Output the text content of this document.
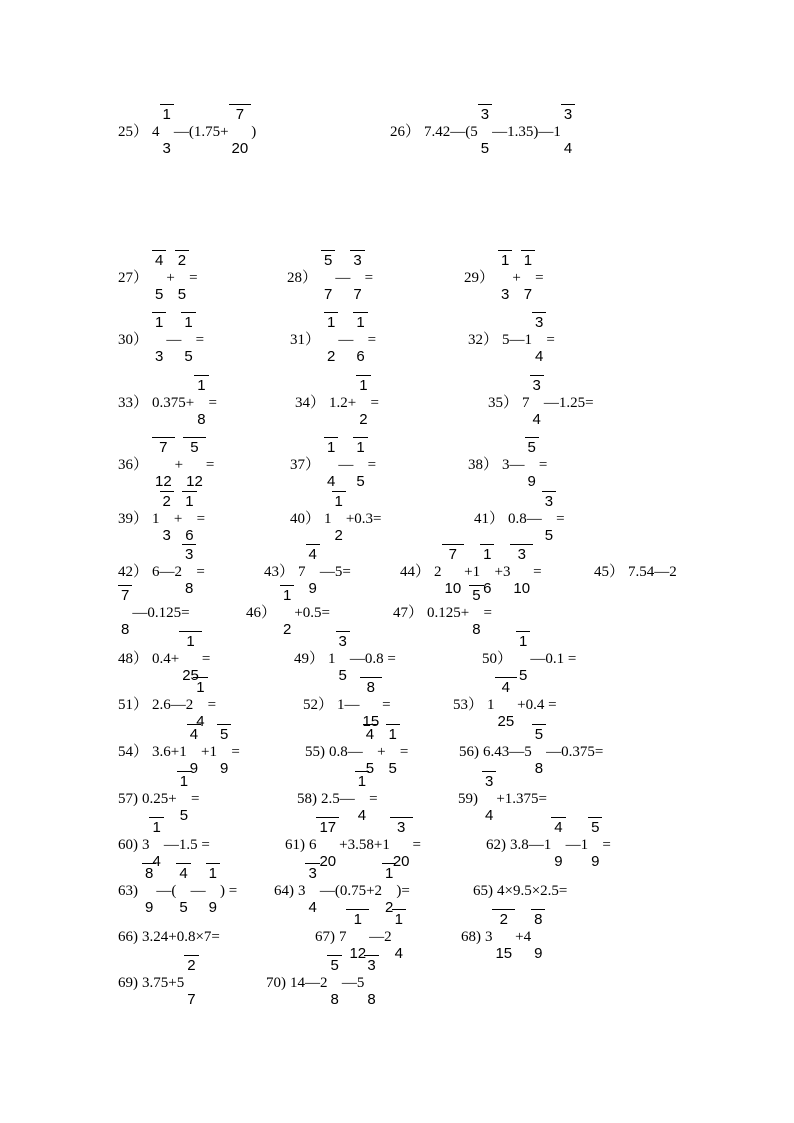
25） 4
1
3
—(1.75+
7
20
)	26） 7.42—(5
3
5
—1.35)—1
3
4
27）
4
5
+
2
5
=	28）
5
7
—
3
7
=	29）
1
3
+
1
7
=
30）
1
3
—
1
5
=	31）
1
2
—
1
6
=	32） 5—1
3
4
=
33） 0.375+
1
8
=	34） 1.2+
1
2
=	35） 7
3
4
—1.25=
36）
7
12
+
5
12
=	37）
1
4
—
1
5
=	38） 3—
5
9
=
39） 1
2
3
+
1
6
=	40） 1
1
2
+0.3=	41） 0.8—
3
5
=
42） 6—2
3
8
=	43） 7
4
9
—5=	44） 2
7
10
+1
1
6
+3
3
10
=	45） 7.54—2
7
8
—0.125=	46）
1
2
+0.5=	47） 0.125+
5
8
=
48） 0.4+
1
25
=	49） 1
3
5
—0.8 =	50）
1
5
—0.1 =
51） 2.6—2
1
4
=	52） 1—
8
15
=	53） 1
4
25
+0.4 =
54） 3.6+1
4
9
+1
5
9
=	55) 0.8—
4
5
+
1
5
=	56) 6.43—5
5
8
—0.375=
57) 0.25+
1
5
=	58) 2.5—
1
4
=	59)
3
4
+1.375=
60) 3
1
4
—1.5 =	61) 6
17
20
+3.58+1
3
20
=	62) 3.8—1
4
9
—1
5
9
=
63)
8
9
—(
4
5
—
1
9
) = 64) 3
3
4
—(0.75+2
1
2
)=	65) 4×9.5×2.5=
66) 3.24+0.8×7=	67) 7
1
12
—2
1
4
68) 3
2
15
+4
8
9
69) 3.75+5
2
7
70) 14—2
5
8
—5
3
8
